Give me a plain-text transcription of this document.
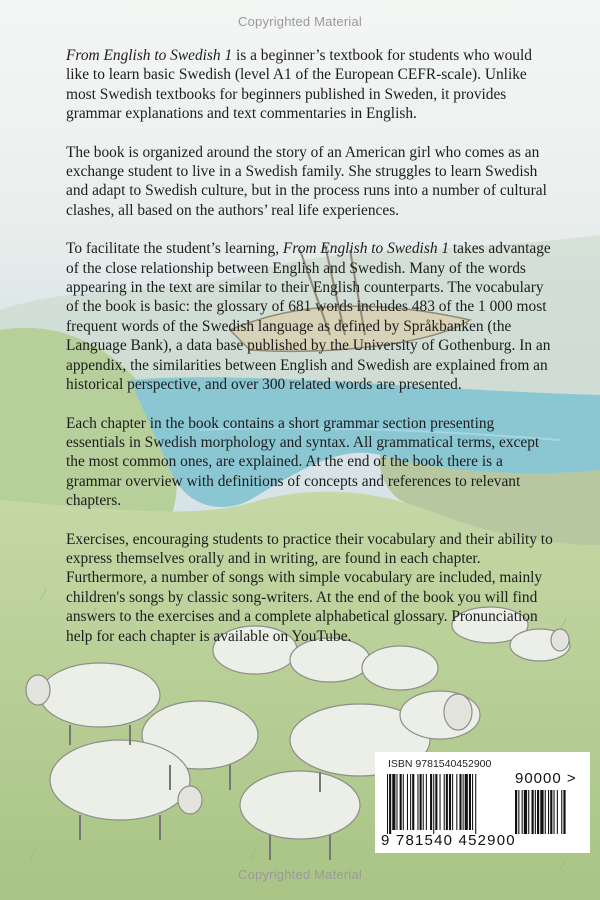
Copyrighted Material

From English to Swedish 1 is a beginner’s textbook for students who would like to learn basic Swedish (level A1 of the European CEFR-scale). Unlike most Swedish textbooks for beginners published in Sweden, it provides grammar explanations and text commentaries in English.

The book is organized around the story of an American girl who comes as an exchange student to live in a Swedish family. She struggles to learn Swedish and adapt to Swedish culture, but in the process runs into a number of cultural clashes, all based on the authors’ real life experiences.

To facilitate the student’s learning, From English to Swedish 1 takes advantage of the close relationship between English and Swedish. Many of the words appearing in the text are similar to their English counterparts. The vocabulary of the book is basic: the glossary of 681 words includes 483 of the 1 000 most frequent words of the Swedish language as defined by Språkbanken (the Language Bank), a data base published by the University of Gothenburg. In an appendix, the similarities between English and Swedish are explained from an historical perspective, and over 300 related words are presented.

Each chapter in the book contains a short grammar section presenting essentials in Swedish morphology and syntax. All grammatical terms, except the most common ones, are explained. At the end of the book there is a grammar overview with definitions of concepts and references to relevant chapters.

Exercises, encouraging students to practice their vocabulary and their ability to express themselves orally and in writing, are found in each chapter. Furthermore, a number of songs with simple vocabulary are included, mainly children's songs by classic song-writers. At the end of the book you will find answers to the exercises and a complete alphabetical glossary. Pronunciation help for each chapter is available on YouTube.

ISBN 9781540452900
90000 >
9 781540 452900
Copyrighted Material
